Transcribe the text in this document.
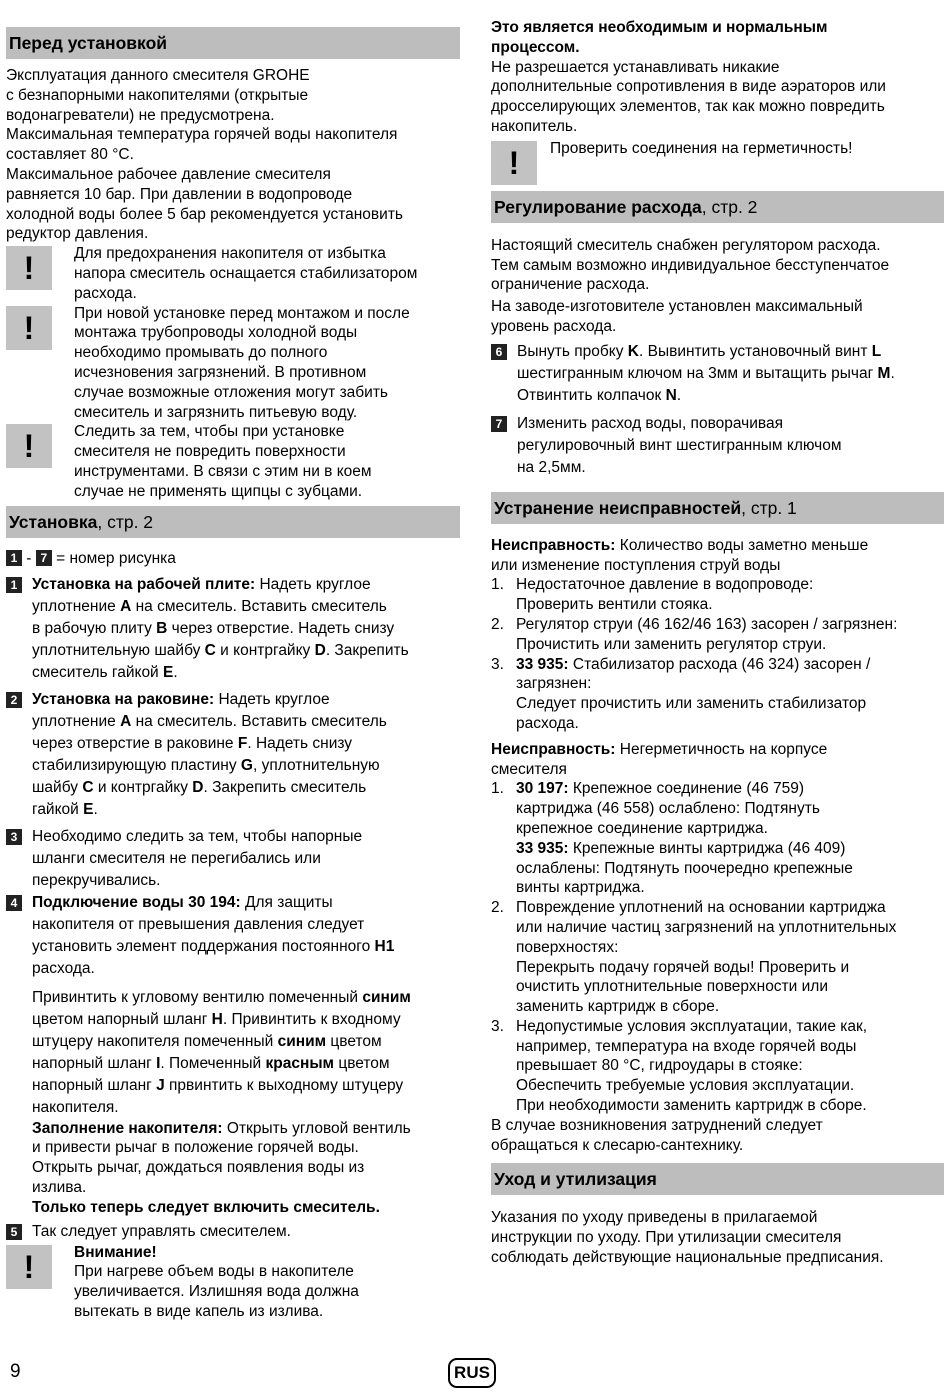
Перед установкой

Эксплуатация данного смесителя GROHE

с безнапорными накопителями (открытые

водонагреватели) не предусмотрена.

Максимальная температура горячей воды накопителя

составляет 80 °C.

Максимальное рабочее давление смесителя

равняется 10 бар. При давлении в водопроводе

холодной воды более 5 бар рекомендуется установить

редуктор давления.

!	Для предохранения накопителя от избытка

напора смеситель оснащается стабилизатором

расхода.

!	При новой установке перед монтажом и после

монтажа трубопроводы холодной воды

необходимо промывать до полного

исчезновения загрязнений. В противном

случае возможные отложения могут забить

смеситель и загрязнить питьевую воду.

!	Следить за тем, чтобы при установке

смесителя не повредить поверхности

инструментами. В связи с этим ни в коем

случае не применять щипцы с зубцами.

Установка, стр. 2

1 - 7 = номер рисунка

1 Установка на рабочей плите: Надеть круглое

уплотнение A на смеситель. Вставить смеситель

в рабочую плиту B через отверстие. Надеть снизу

уплотнительную шайбу C и контргайку D. Закрепить

смеситель гайкой E.

2 Установка на раковине: Надеть круглое

уплотнение A на смеситель. Вставить смеситель

через отверстие в раковине F. Надеть снизу

стабилизирующую пластину G, уплотнительную

шайбу C и контргайку D. Закрепить смеситель

гайкой E.

3 Необходимо следить за тем, чтобы напорные

шланги смесителя не перегибались или

перекручивались.

4 Подключение воды 30 194: Для защиты

накопителя от превышения давления следует

установить элемент поддержания постоянного H1

расхода.

Привинтить к угловому вентилю помеченный синим

цветом напорный шланг H. Привинтить к входному

штуцеру накопителя помеченный синим цветом

напорный шланг I. Помеченный красным цветом

напорный шланг J првинтить к выходному штуцеру

накопителя.

Заполнение накопителя: Открыть угловой вентиль

и привести рычаг в положение горячей воды.

Открыть рычаг, дождаться появления воды из

излива.

Только теперь следует включить смеситель.

5 Так следует управлять смесителем.

!	Внимание!

При нагреве объем воды в накопителе

увеличивается. Излишняя вода должна

вытекать в виде капель из излива.

Это является необходимым и нормальным

процессом.

Не разрешается устанавливать никакие

дополнительные сопротивления в виде аэраторов или

дросселирующих элементов, так как можно повредить

накопитель.

!	Проверить соединения на герметичность!

Регулирование расхода, стр. 2

Настоящий смеситель снабжен регулятором расхода.

Тем самым возможно индивидуальное бесступенчатое

ограничение расхода.

На заводе-изготовителе установлен максимальный

уровень расхода.

6 Вынуть пробку K. Вывинтить установочный винт L

шестигранным ключом на 3мм и вытащить рычаг M.

Отвинтить колпачок N.

7 Изменить расход воды, поворачивая

регулировочный винт шестигранным ключом

на 2,5мм.

Устранение неисправностей, стр. 1

Неисправность: Количество воды заметно меньше

или изменение поступления струй воды

1. Недостаточное давление в водопроводе:

Проверить вентили стояка.

2. Регулятор струи (46 162/46 163) засорен / загрязнен:

Прочистить или заменить регулятор струи.

3. 33 935: Стабилизатор расхода (46 324) засорен /

загрязнен:

Следует прочистить или заменить стабилизатор

расхода.

Неисправность: Негерметичность на корпусе

смесителя

1. 30 197: Крепежное соединение (46 759)

картриджа (46 558) ослаблено: Подтянуть

крепежное соединение картриджа.

33 935: Крепежные винты картриджа (46 409)

ослаблены: Подтянуть поочередно крепежные

винты картриджа.

2. Повреждение уплотнений на основании картриджа

или наличие частиц загрязнений на уплотнительных

поверхностях:

Перекрыть подачу горячей воды! Проверить и

очистить уплотнительные поверхности или

заменить картридж в сборе.

3. Недопустимые условия эксплуатации, такие как,

например, температура на входе горячей воды

превышает 80 °C, гидроудары в стояке:

Обеспечить требуемые условия эксплуатации.

При необходимости заменить картридж в сборе.

В случае возникновения затруднений следует

обращаться к слесарю-сантехнику.

Уход и утилизация

Указания по уходу приведены в прилагаемой

инструкции по уходу. При утилизации смесителя

соблюдать действующие национальные предписания.

9	RUS
